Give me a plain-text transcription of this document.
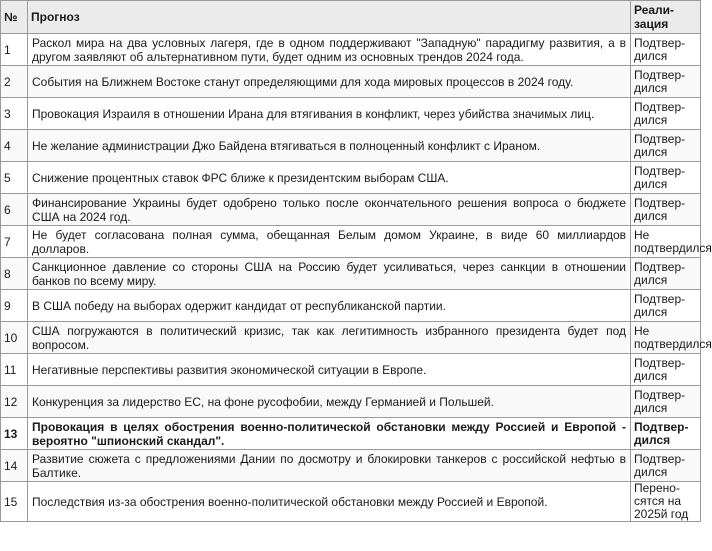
№	Прогноз	Реали-
зация
1	Раскол мира на два условных лагеря, где в одном поддерживают "Западную" парадигму развития, а в другом заявляют об альтернативном пути, будет одним из основных трендов 2024 года.	Подтвер-
дился
2	События на Ближнем Востоке станут определяющими для хода мировых процессов в 2024 году.	Подтвер-
дился
3	Провокация Израиля в отношении Ирана для втягивания в конфликт, через убийства значимых лиц.	Подтвер-
дился
4	Не желание администрации Джо Байдена втягиваться в полноценный конфликт с Ираном.	Подтвер-
дился
5	Снижение процентных ставок ФРС ближе к президентским выборам США.	Подтвер-
дился
6	Финансирование Украины будет одобрено только после окончательного решения вопроса о бюджете США на 2024 год.	Подтвер-
дился
7	Не будет согласована полная сумма, обещанная Белым домом Украине, в виде 60 миллиардов долларов.	Не подтвердился
8	Санкционное давление со стороны США на Россию будет усиливаться, через санкции в отношении банков по всему миру.	Подтвер-
дился
9	В США победу на выборах одержит кандидат от республиканской партии.	Подтвер-
дился
10	США погружаются в политический кризис, так как легитимность избранного президента будет под вопросом.	Не подтвердился
11	Негативные перспективы развития экономической ситуации в Европе.	Подтвер-
дился
12	Конкуренция за лидерство ЕС, на фоне русофобии, между Германией и Польшей.	Подтвер-
дился
13	Провокация в целях обострения военно-политической обстановки между Россией и Европой - вероятно "шпионский скандал".	Подтвер-
дился
14	Развитие сюжета с предложениями Дании по досмотру и блокировки танкеров с российской нефтью в Балтике.	Подтвер-
дился
15	Последствия из-за обострения военно-политической обстановки между Россией и Европой.	Перено-
сятся на 2025й год
